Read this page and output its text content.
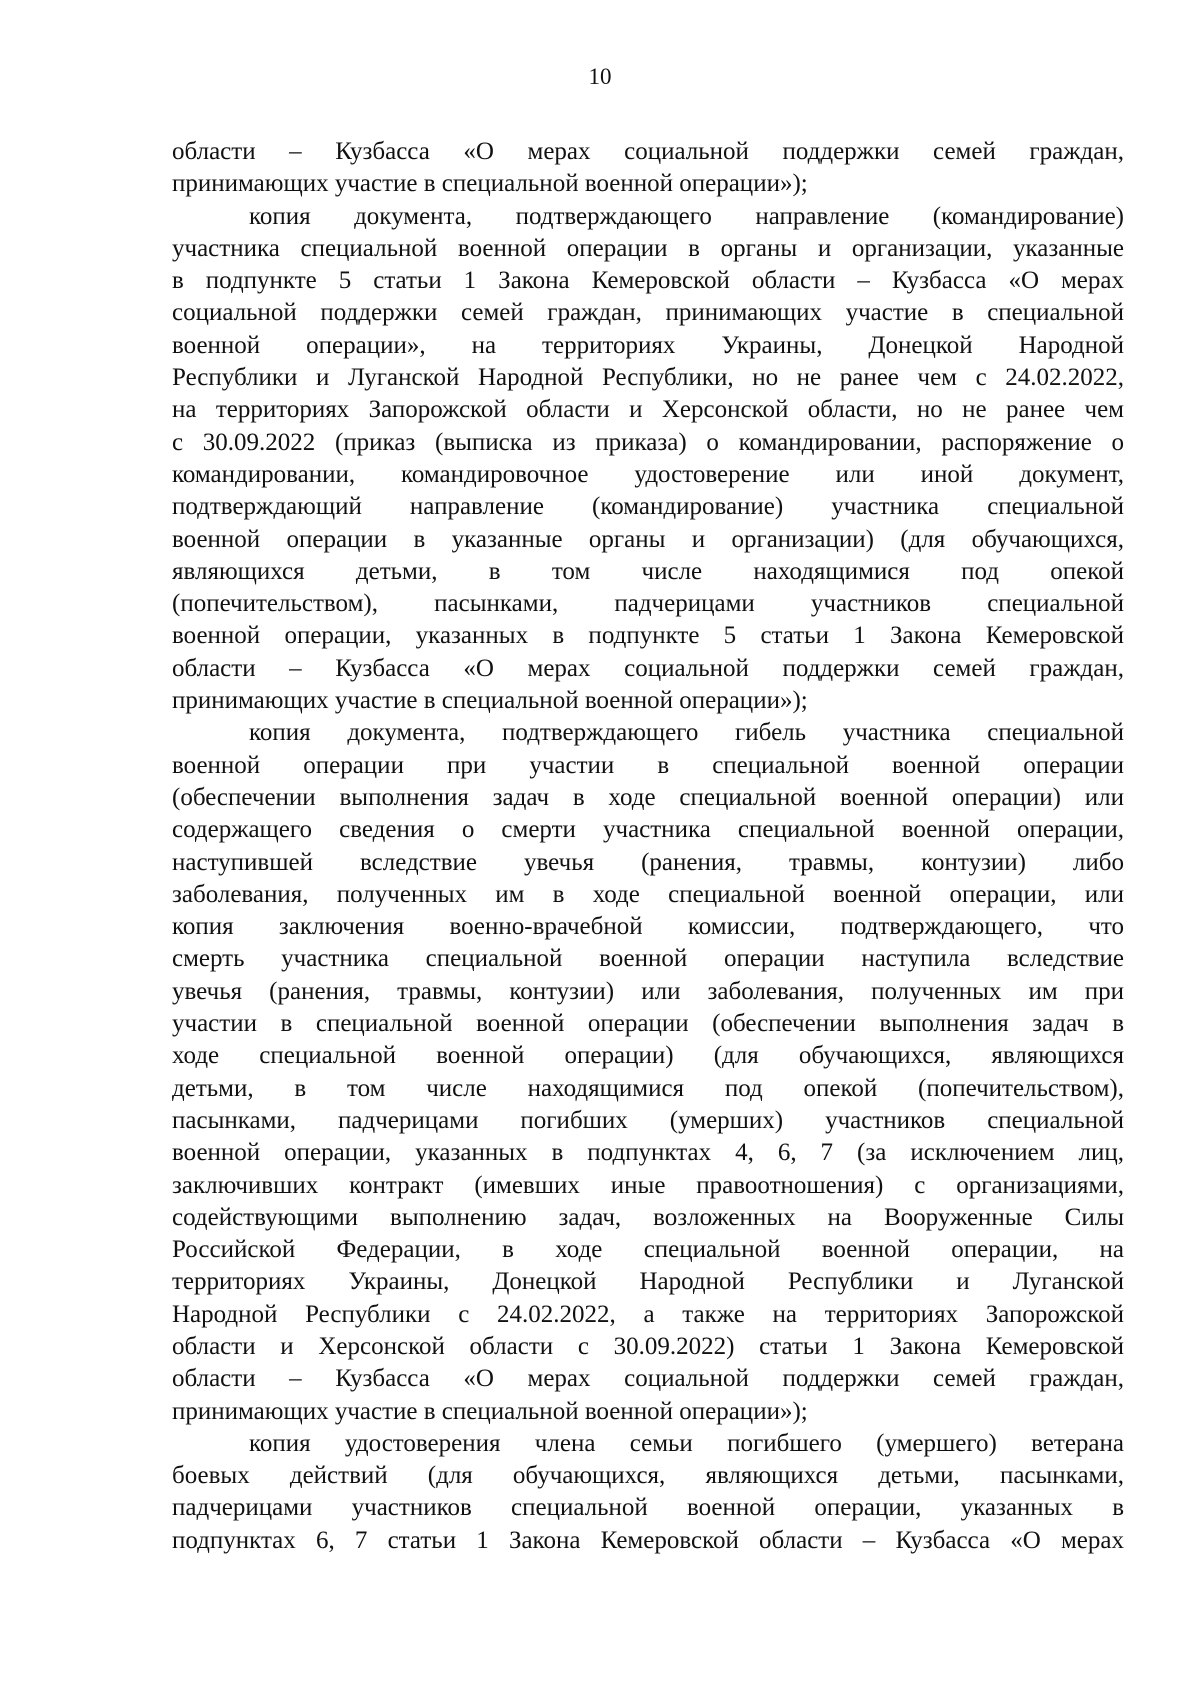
10
области – Кузбасса «О мерах социальной поддержки семей граждан,
принимающих участие в специальной военной операции»);
копия документа, подтверждающего направление (командирование)
участника специальной военной операции в органы и организации, указанные
в подпункте 5 статьи 1 Закона Кемеровской области – Кузбасса «О мерах
социальной поддержки семей граждан, принимающих участие в специальной
военной операции», на территориях Украины, Донецкой Народной
Республики и Луганской Народной Республики, но не ранее чем с 24.02.2022,
на территориях Запорожской области и Херсонской области, но не ранее чем
с 30.09.2022 (приказ (выписка из приказа) о командировании, распоряжение о
командировании, командировочное удостоверение или иной документ,
подтверждающий направление (командирование) участника специальной
военной операции в указанные органы и организации) (для обучающихся,
являющихся детьми, в том числе находящимися под опекой
(попечительством), пасынками, падчерицами участников специальной
военной операции, указанных в подпункте 5 статьи 1 Закона Кемеровской
области – Кузбасса «О мерах социальной поддержки семей граждан,
принимающих участие в специальной военной операции»);
копия документа, подтверждающего гибель участника специальной
военной операции при участии в специальной военной операции
(обеспечении выполнения задач в ходе специальной военной операции) или
содержащего сведения о смерти участника специальной военной операции,
наступившей вследствие увечья (ранения, травмы, контузии) либо
заболевания, полученных им в ходе специальной военной операции, или
копия заключения военно-врачебной комиссии, подтверждающего, что
смерть участника специальной военной операции наступила вследствие
увечья (ранения, травмы, контузии) или заболевания, полученных им при
участии в специальной военной операции (обеспечении выполнения задач в
ходе специальной военной операции) (для обучающихся, являющихся
детьми, в том числе находящимися под опекой (попечительством),
пасынками, падчерицами погибших (умерших) участников специальной
военной операции, указанных в подпунктах 4, 6, 7 (за исключением лиц,
заключивших контракт (имевших иные правоотношения) с организациями,
содействующими выполнению задач, возложенных на Вооруженные Силы
Российской Федерации, в ходе специальной военной операции, на
территориях Украины, Донецкой Народной Республики и Луганской
Народной Республики с 24.02.2022, а также на территориях Запорожской
области и Херсонской области с 30.09.2022) статьи 1 Закона Кемеровской
области – Кузбасса «О мерах социальной поддержки семей граждан,
принимающих участие в специальной военной операции»);
копия удостоверения члена семьи погибшего (умершего) ветерана
боевых действий (для обучающихся, являющихся детьми, пасынками,
падчерицами участников специальной военной операции, указанных в
подпунктах 6, 7 статьи 1 Закона Кемеровской области – Кузбасса «О мерах
